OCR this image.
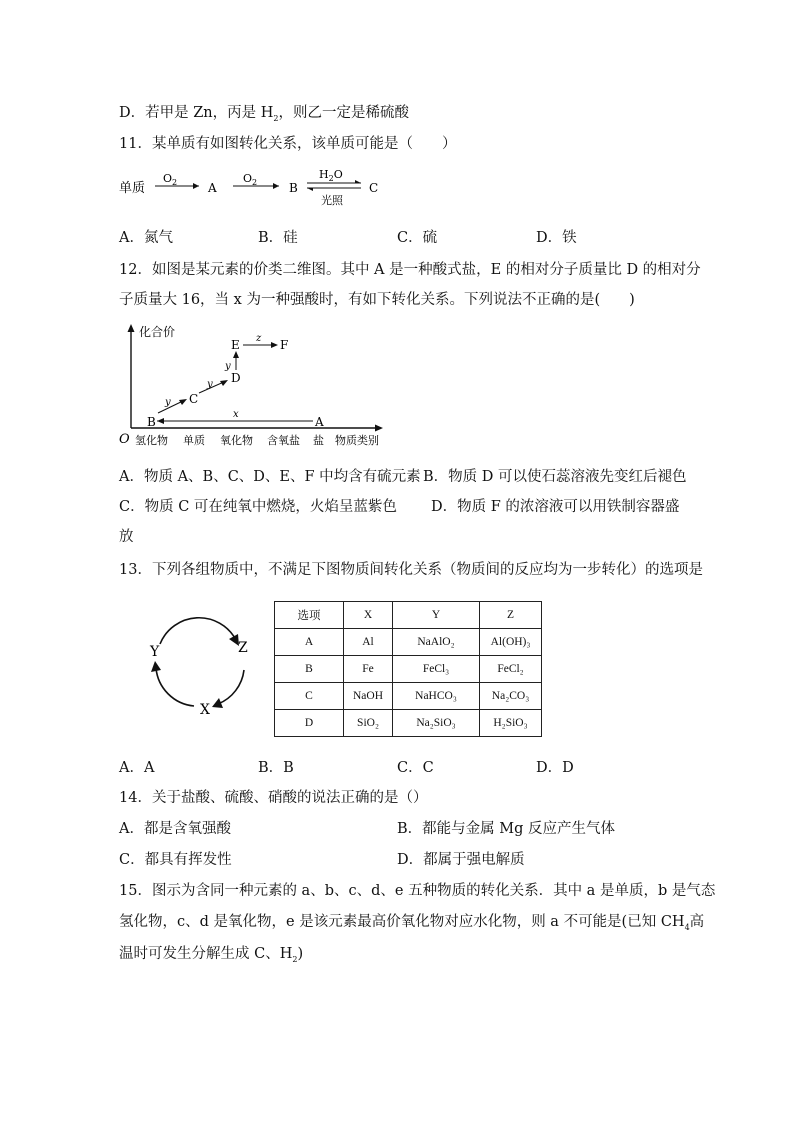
D．若甲是 Zn，丙是 $H_2$，则乙一定是稀硫酸
11．某单质有如图转化关系，该单质可能是（　　）
单质
$O_2$	A
$O_2$	B
$H_2O$
光照
C
A．氮气	B．硅	C．硫	D．铁
12．如图是某元素的价类二维图。其中 A 是一种酸式盐，E 的相对分子质量比 D 的相对分
子质量大 16，当 x 为一种强酸时，有如下转化关系。下列说法不正确的是(　　)
化合价
O 氢化物 单质 氧化物 含氧盐 盐 物质类别
x
B	A
y C
y D
y
E z F
A．物质 A、B、C、D、E、F 中均含有硫元素 B．物质 D 可以使石蕊溶液先变红后褪色
C．物质 C 可在纯氧中燃烧，火焰呈蓝紫色 D．物质 F 的浓溶液可以用铁制容器盛
放
13．下列各组物质中，不满足下图物质间转化关系（物质间的反应均为一步转化）的选项是
Y	Z
X
选项	X	Y	Z
A	Al	NaAlO₂	Al(OH)₃
B	Fe	FeCl₃	FeCl₂
C	NaOH	NaHCO₃	Na₂CO₃
D	SiO₂	Na₂SiO₃	H₂SiO₃
A．A	B．B	C．C	D．D
14．关于盐酸、硫酸、硝酸的说法正确的是（）
A．都是含氧强酸	B．都能与金属 Mg 反应产生气体
C．都具有挥发性	D．都属于强电解质
15．图示为含同一种元素的 a、b、c、d、e 五种物质的转化关系．其中 a 是单质，b 是气态
氢化物，c、d 是氧化物，e 是该元素最高价氧化物对应水化物，则 a 不可能是(已知 $CH_4$高
温时可发生分解生成 C、$H_2$)
